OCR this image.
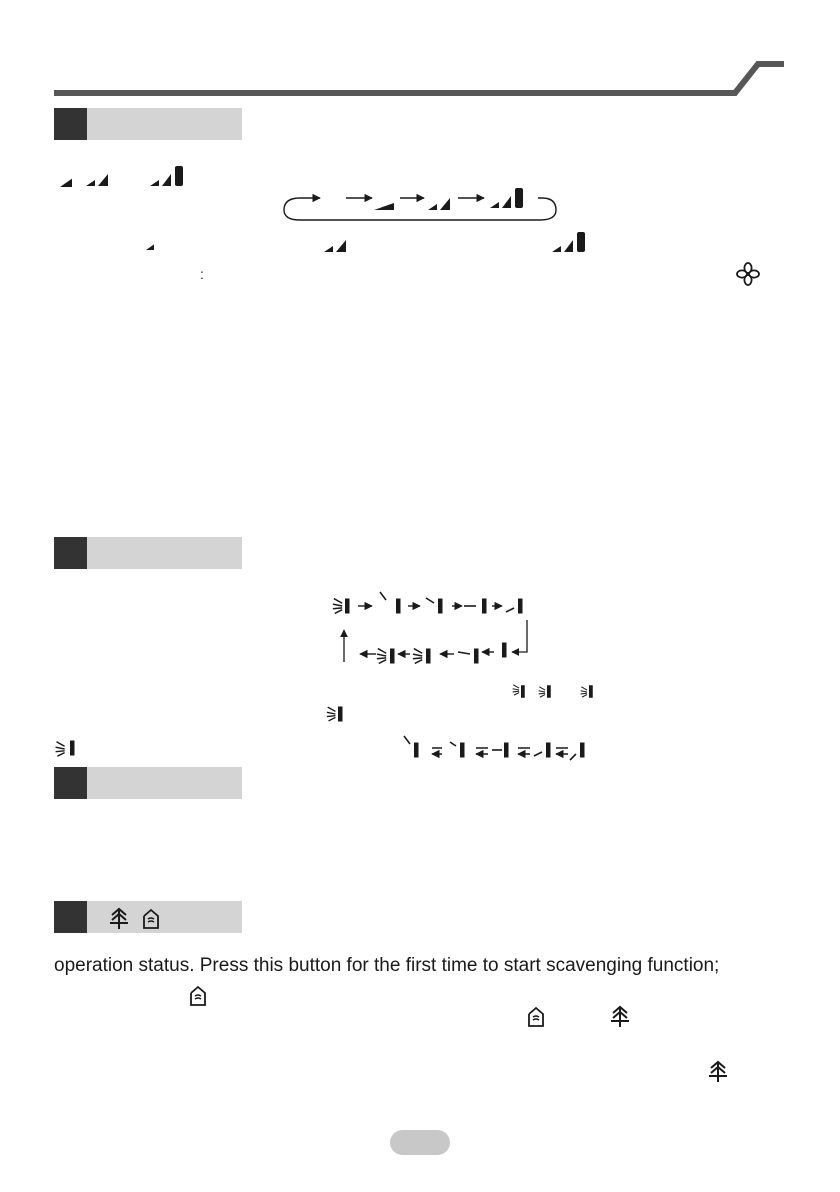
:
operation status. Press this button for the first time to start scavenging function;
